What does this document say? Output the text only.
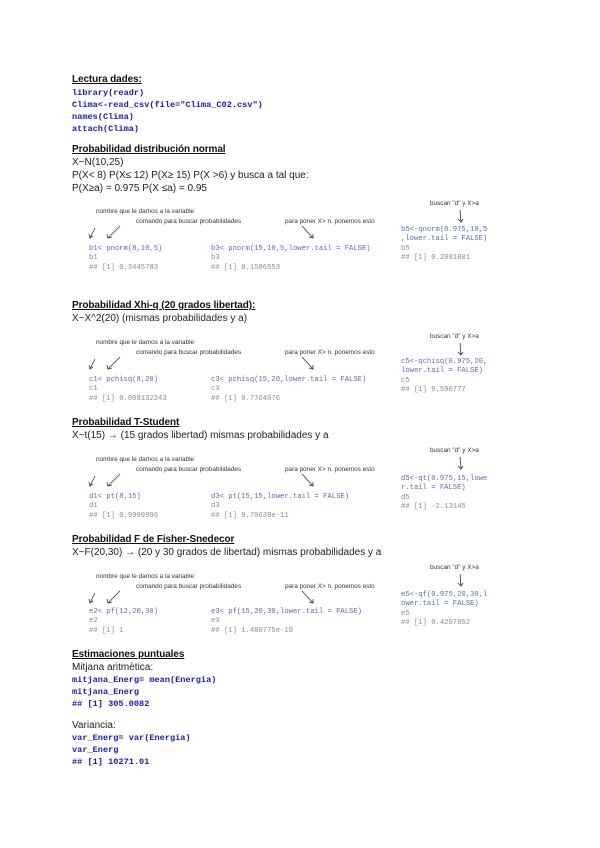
Lectura dades:
library(readr)
Clima<-read_csv(file="Clima_C02.csv")
names(Clima)
attach(Clima)
Probabilidad distribución normal
X~N(10,25)
P(X< 8) P(X≤ 12) P(X≥ 15) P(X >6) y busca a tal que:
P(X≥a) = 0.975 P(X ≤a) = 0.95
nombre que le damos a la variable
comando para buscar probabilidades	para poner X> n. ponemos esto
buscan "d" y X>a
b1< pnorm(8,10,5)
b1
## [1] 0.3445783
b3< pnorm(15,10,5,lower.tail = FALSE)
b3
## [1] 0.1586553
b5<-qnorm(0.975,10,5
,lower.tail = FALSE)
b5
## [1] 0.2001801
Probabilidad Xhi-q (20 grados libertad):
X~X^2(20) (mismas probabilidades y a)
nombre que le damos a la variable
comando para buscar probabilidades	para poner X> n. ponemos esto
buscan "d" y X>a
c1< pchisq(8,20)
c1
## [1] 0.008132243
c3< pchisq(15,20,lower.tail = FALSE)
c3
## [1] 0.7764076
c5<-qchisq(0.975,20,
lower.tail = FALSE)
c5
## [1] 9.590777
Probabilidad T-Student
X~t(15) → (15 grados libertad) mismas probabilidades y a
nombre que le damos a la variable
comando para buscar probabilidades	para poner X> n. ponemos esto
buscan "d" y X>a
d1< pt(8,15)
d1
## [1] 0.9999996
d3< pt(15,15,lower.tail = FALSE)
d3
## [1] 9.70638e-11
d5<-qt(0.975,15,lowe
r.tail = FALSE)
d5
## [1] -2.13145
Probabilidad F de Fisher-Snedecor
X~F(20,30) → (20 y 30 grados de libertad) mismas probabilidades y a
nombre que le damos a la variable
comando para buscar probabilidades	para poner X> n. ponemos esto
buscan "d" y X>a
e2< pf(12,20,30)
e2
## [1] 1
e3< pf(15,20,30,lower.tail = FALSE)
e3
## [1] 1.480775e-10
e5<-qf(0.975,20,30,l
ower.tail = FALSE)
e5
## [1] 0.4297852
Estimaciones puntuales
Mitjana aritmètica:
mitjana_Energ= mean(Energia)
mitjana_Energ
## [1] 305.0082
Variancia:
var_Energ= var(Energia)
var_Energ
## [1] 10271.01
